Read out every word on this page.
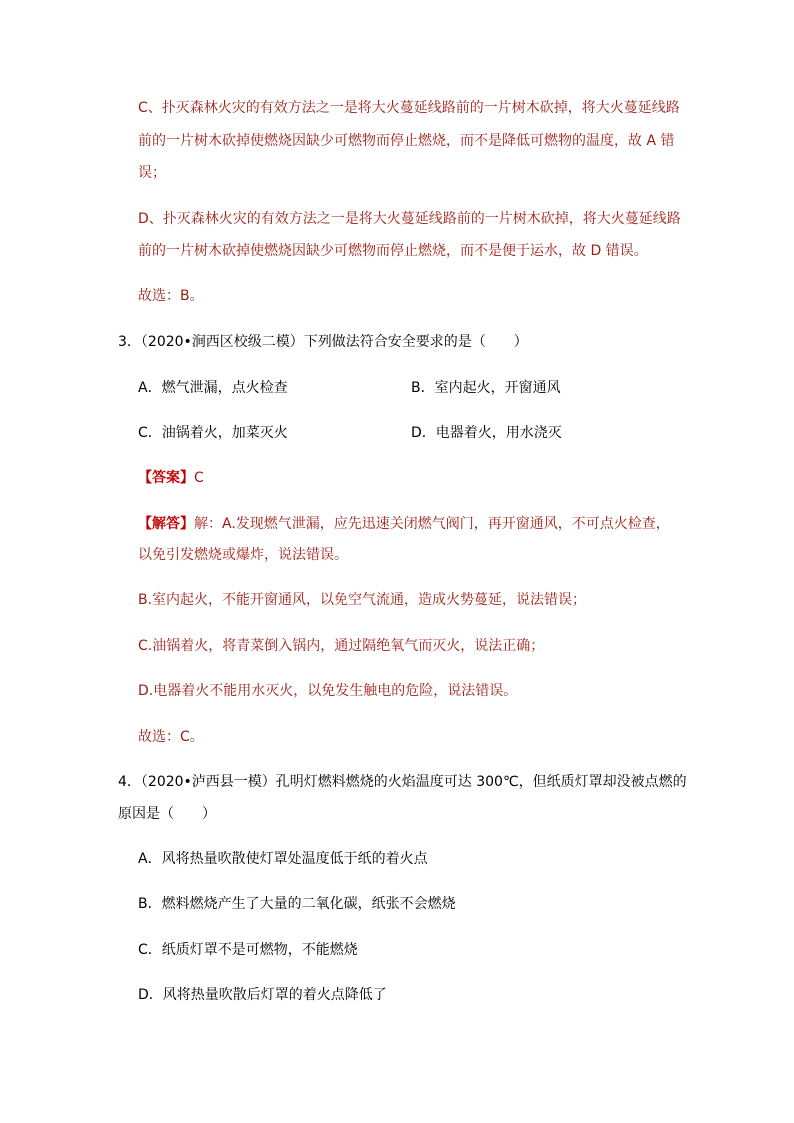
C、扑灭森林火灾的有效方法之一是将大火蔓延线路前的一片树木砍掉，将大火蔓延线路
前的一片树木砍掉使燃烧因缺少可燃物而停止燃烧，而不是降低可燃物的温度，故 A 错
误；
D、扑灭森林火灾的有效方法之一是将大火蔓延线路前的一片树木砍掉，将大火蔓延线路
前的一片树木砍掉使燃烧因缺少可燃物而停止燃烧，而不是便于运水，故 D 错误。
故选：B。
3．（2020•涧西区校级二模）下列做法符合安全要求的是（　　）
A．燃气泄漏，点火检查	B．室内起火，开窗通风
C．油锅着火，加菜灭火	D．电器着火，用水浇灭
【答案】C
【解答】解：A.发现燃气泄漏，应先迅速关闭燃气阀门，再开窗通风，不可点火检查，
以免引发燃烧或爆炸，说法错误。
B.室内起火，不能开窗通风，以免空气流通，造成火势蔓延，说法错误；
C.油锅着火，将青菜倒入锅内，通过隔绝氧气而灭火，说法正确；
D.电器着火不能用水灭火，以免发生触电的危险，说法错误。
故选：C。
4．（2020•泸西县一模）孔明灯燃料燃烧的火焰温度可达 300℃，但纸质灯罩却没被点燃的
原因是（　　）
A．风将热量吹散使灯罩处温度低于纸的着火点
B．燃料燃烧产生了大量的二氧化碳，纸张不会燃烧
C．纸质灯罩不是可燃物，不能燃烧
D．风将热量吹散后灯罩的着火点降低了
